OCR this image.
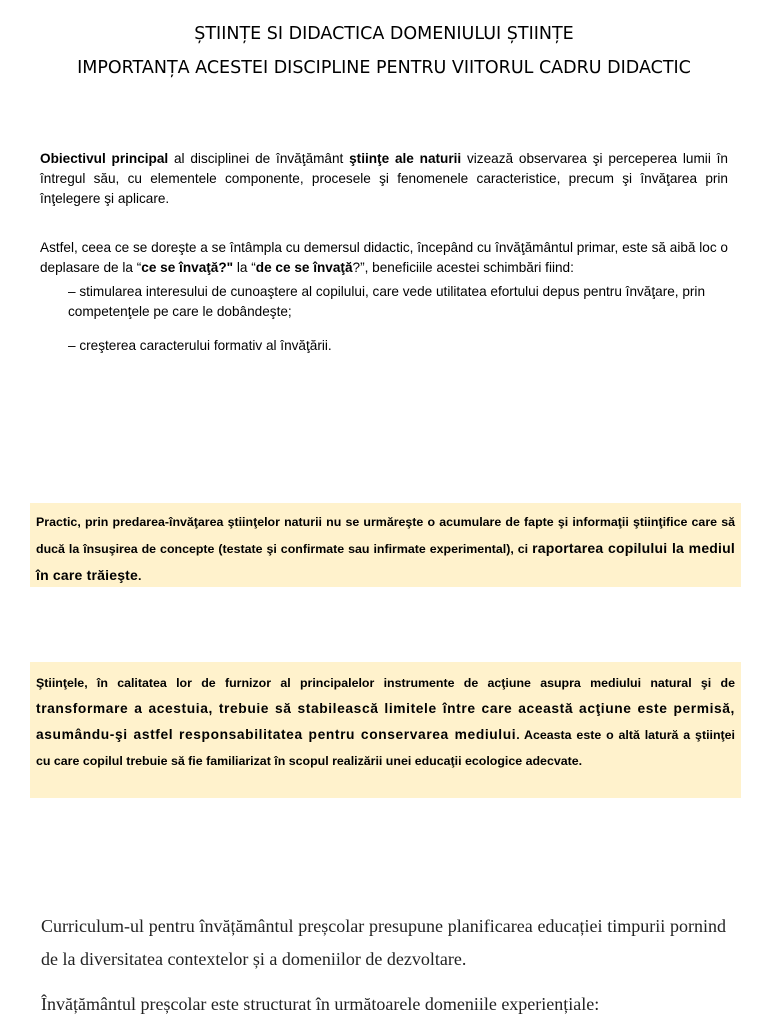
ȘTIINȚE SI DIDACTICA DOMENIULUI ȘTIINȚE
IMPORTANȚA ACESTEI DISCIPLINE PENTRU VIITORUL CADRU DIDACTIC
Obiectivul principal al disciplinei de învăţământ ştiinţe ale naturii vizează observarea şi perceperea lumii în întregul său, cu elementele componente, procesele şi fenomenele caracteristice, precum şi învăţarea prin înţelegere şi aplicare.
Astfel, ceea ce se doreşte a se întâmpla cu demersul didactic, începând cu învăţământul primar, este să aibă loc o deplasare de la “ce se învaţă?" la “de ce se învaţă?”, beneficiile acestei schimbări fiind:
– stimularea interesului de cunoaştere al copilului, care vede utilitatea efortului depus pentru învăţare, prin competenţele pe care le dobândeşte;
– creşterea caracterului formativ al învăţării.
Practic, prin predarea-învăţarea ştiinţelor naturii nu se urmăreşte o acumulare de fapte şi informaţii ştiinţifice care să ducă la însuşirea de concepte (testate şi confirmate sau infirmate experimental), ci raportarea copilului la mediul în care trăieşte.
Ştiinţele, în calitatea lor de furnizor al principalelor instrumente de acţiune asupra mediului natural şi de transformare a acestuia, trebuie să stabilească limitele între care această acţiune este permisă, asumându-şi astfel responsabilitatea pentru conservarea mediului. Aceasta este o altă latură a ştiinţei cu care copilul trebuie să fie familiarizat în scopul realizării unei educaţii ecologice adecvate.
Curriculum-ul pentru învățământul preșcolar presupune planificarea educației timpurii pornind de la diversitatea contextelor și a domeniilor de dezvoltare.
Învățământul preșcolar este structurat în următoarele domeniile experiențiale:
